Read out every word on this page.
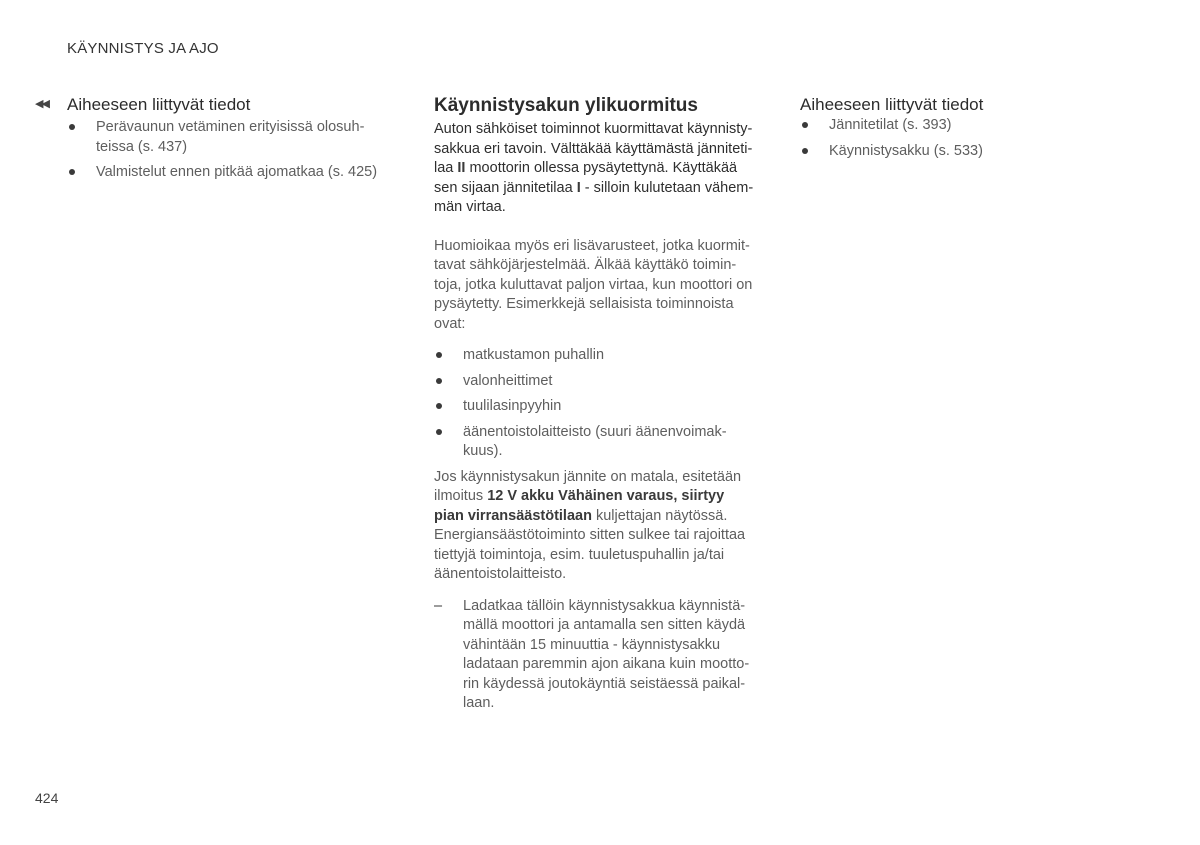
KÄYNNISTYS JA AJO
◀◀ Aiheeseen liittyvät tiedot
Perävaunun vetäminen erityisissä olosuh-
teissa (s. 437)
Valmistelut ennen pitkää ajomatkaa (s. 425)
Käynnistysakun ylikuormitus

Auton sähköiset toiminnot kuormittavat käynnisty-
sakkua eri tavoin. Välttäkää käyttämästä jänniteti-
laa II moottorin ollessa pysäytettynä. Käyttäkää
sen sijaan jännitetilaa I - silloin kulutetaan vähem-
män virtaa.

Huomioikaa myös eri lisävarusteet, jotka kuormit-
tavat sähköjärjestelmää. Älkää käyttäkö toimin-
toja, jotka kuluttavat paljon virtaa, kun moottori on
pysäytetty. Esimerkkejä sellaisista toiminnoista
ovat:

matkustamon puhallin
valonheittimet
tuulilasinpyyhin
äänentoistolaitteisto (suuri äänenvoimak-
kuus).

Jos käynnistysakun jännite on matala, esitetään
ilmoitus 12 V akku Vähäinen varaus, siirtyy
pian virransäästötilaan kuljettajan näytössä.
Energiansäästötoiminto sitten sulkee tai rajoittaa
tiettyjä toimintoja, esim. tuuletuspuhallin ja/tai
äänentoistolaitteisto.

– Ladatkaa tällöin käynnistysakkua käynnistä-
mällä moottori ja antamalla sen sitten käydä
vähintään 15 minuuttia - käynnistysakku
ladataan paremmin ajon aikana kuin mootto-
rin käydessä joutokäyntiä seistäessä paikal-
laan.
Aiheeseen liittyvät tiedot
Jännitetilat (s. 393)
Käynnistysakku (s. 533)
424
